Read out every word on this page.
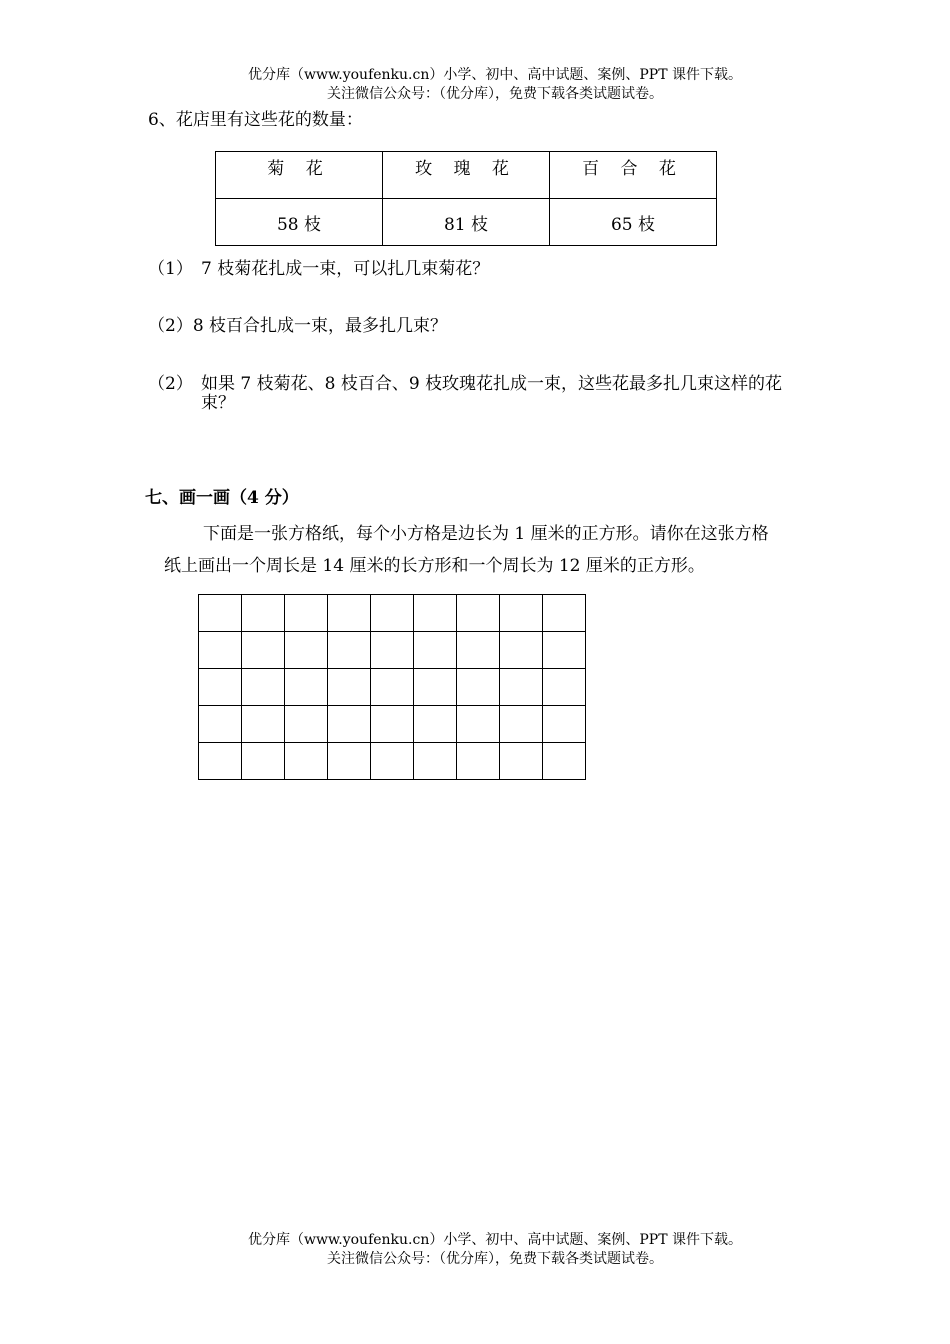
优分库（www.youfenku.cn）小学、初中、高中试题、案例、PPT 课件下载。
关注微信公众号：（优分库），免费下载各类试题试卷。
6、花店里有这些花的数量：
菊 花	玫 瑰 花	百 合 花
58 枝	81 枝	65 枝
（1） 7 枝菊花扎成一束，可以扎几束菊花？
（2）8 枝百合扎成一束，最多扎几束？
（2） 如果 7 枝菊花、8 枝百合、9 枝玫瑰花扎成一束，这些花最多扎几束这样的花
束？
七、画一画（4 分）
下面是一张方格纸，每个小方格是边长为 1 厘米的正方形。请你在这张方格
纸上画出一个周长是 14 厘米的长方形和一个周长为 12 厘米的正方形。

优分库（www.youfenku.cn）小学、初中、高中试题、案例、PPT 课件下载。
关注微信公众号：（优分库），免费下载各类试题试卷。
